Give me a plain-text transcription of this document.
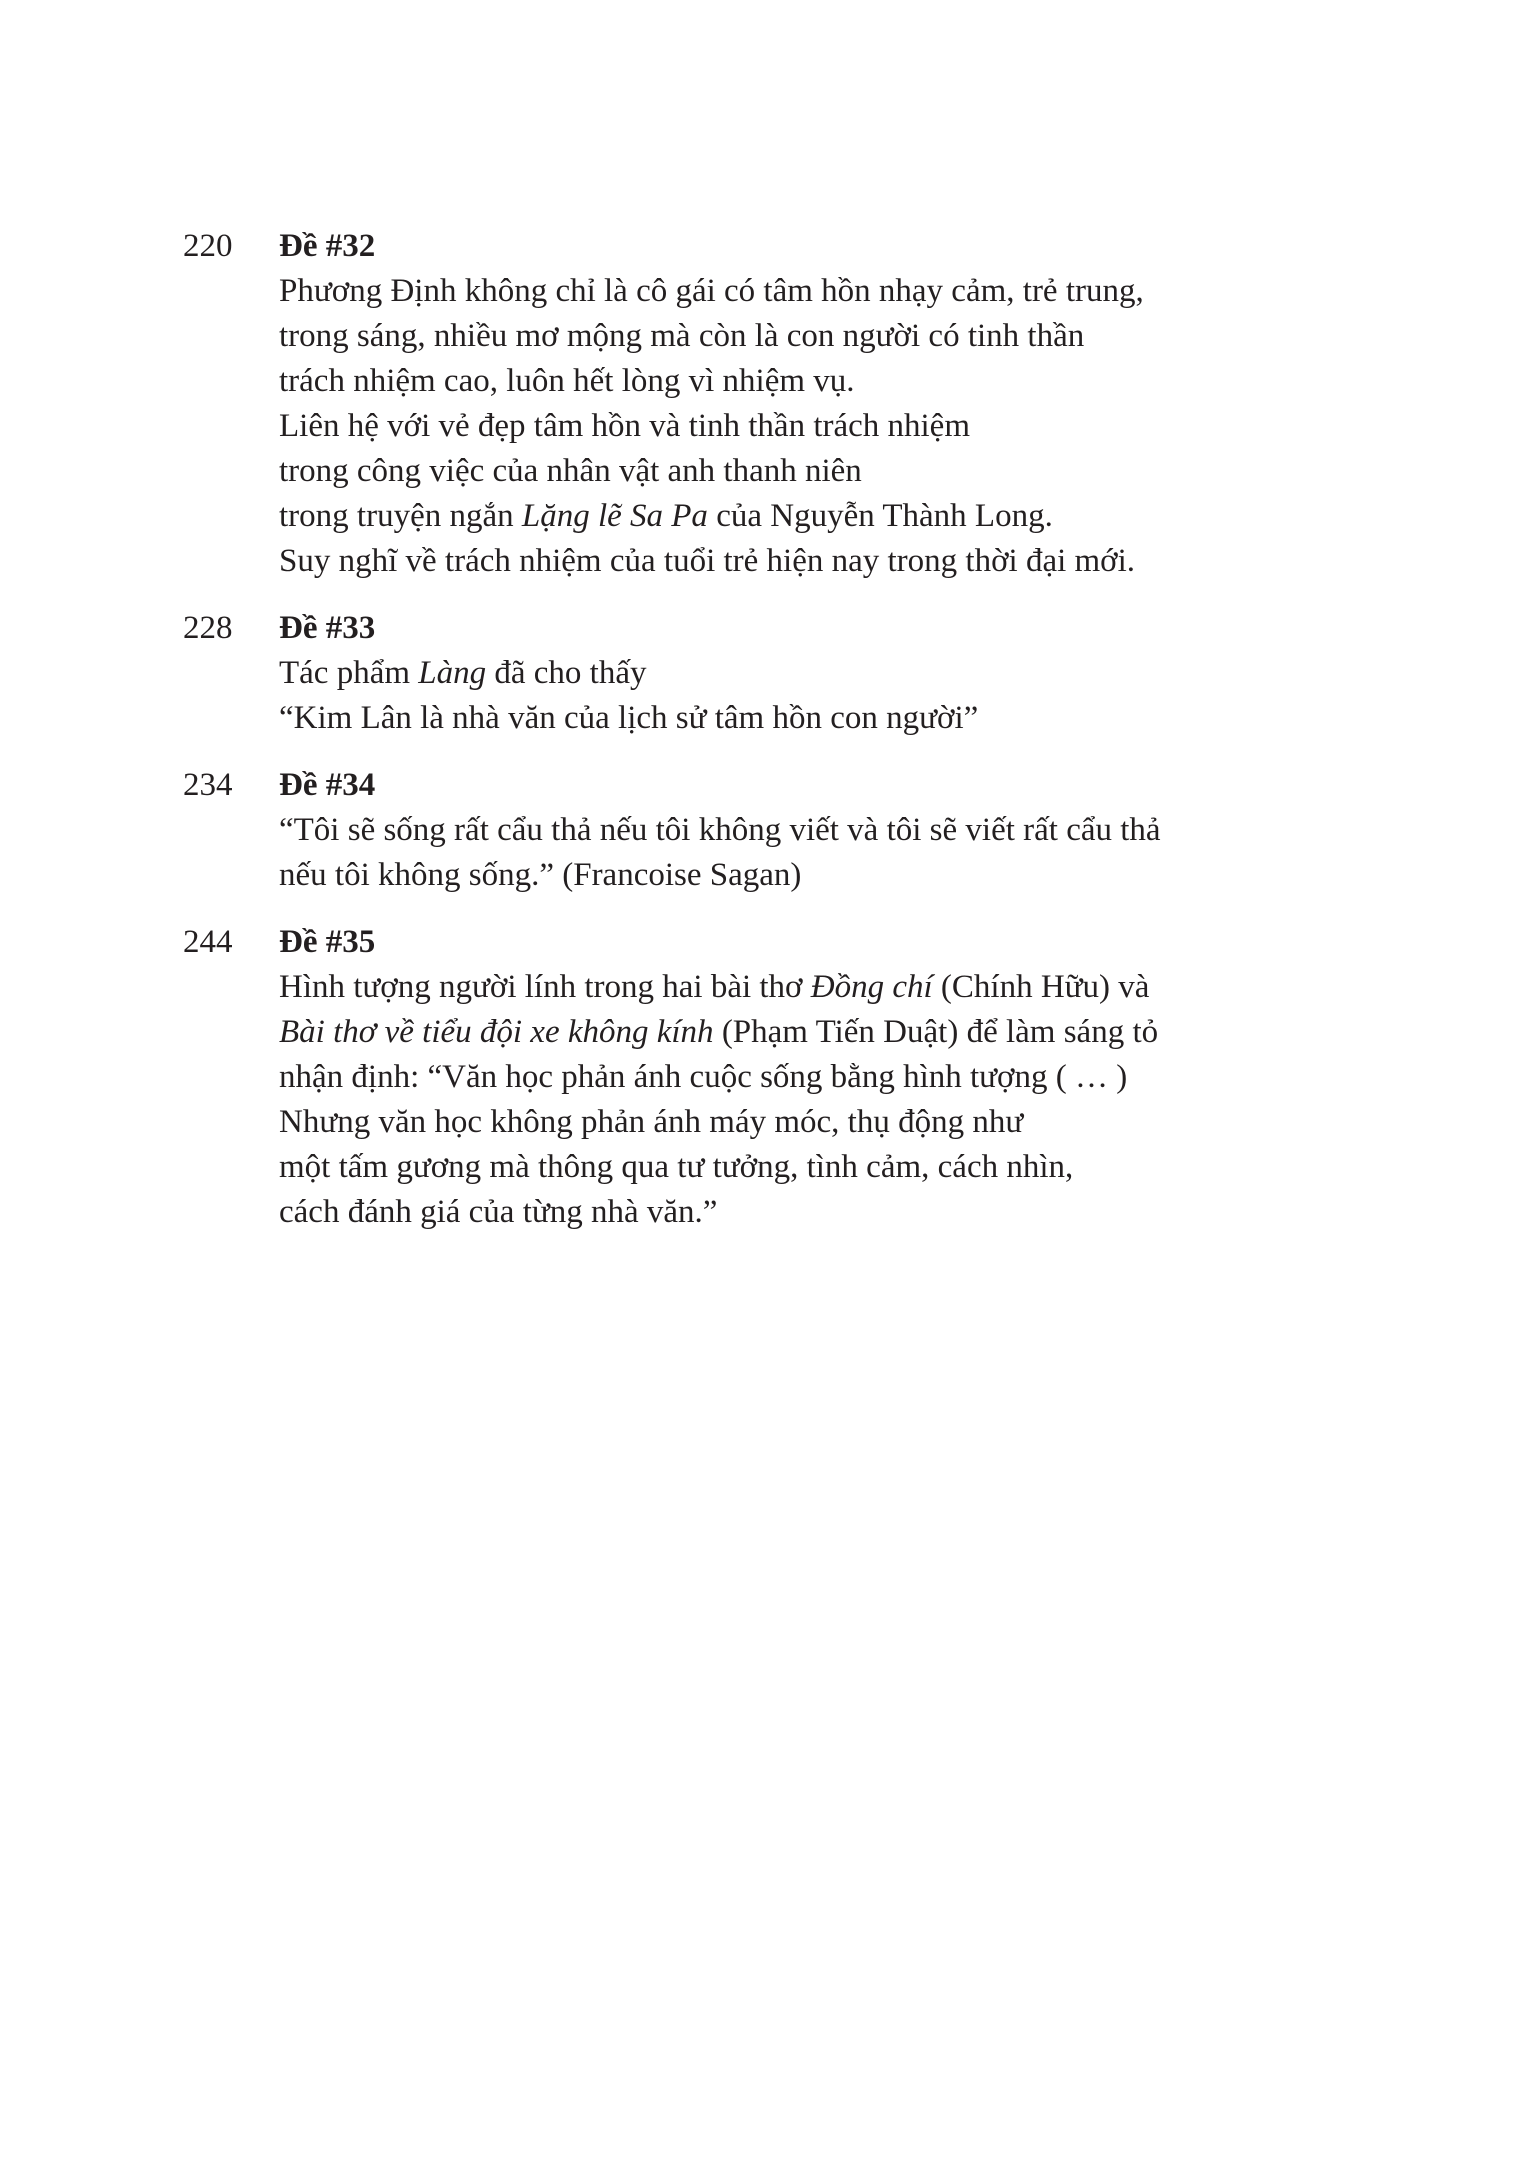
220	Đề #32
Phương Định không chỉ là cô gái có tâm hồn nhạy cảm, trẻ trung,
trong sáng, nhiều mơ mộng mà còn là con người có tinh thần
trách nhiệm cao, luôn hết lòng vì nhiệm vụ.
Liên hệ với vẻ đẹp tâm hồn và tinh thần trách nhiệm
trong công việc của nhân vật anh thanh niên
trong truyện ngắn Lặng lẽ Sa Pa của Nguyễn Thành Long.
Suy nghĩ về trách nhiệm của tuổi trẻ hiện nay trong thời đại mới.
228	Đề #33
Tác phẩm Làng đã cho thấy
“Kim Lân là nhà văn của lịch sử tâm hồn con người”
234	Đề #34
“Tôi sẽ sống rất cẩu thả nếu tôi không viết và tôi sẽ viết rất cẩu thả
nếu tôi không sống.” (Francoise Sagan)
244	Đề #35
Hình tượng người lính trong hai bài thơ Đồng chí (Chính Hữu) và
Bài thơ về tiểu đội xe không kính (Phạm Tiến Duật) để làm sáng tỏ
nhận định: “Văn học phản ánh cuộc sống bằng hình tượng ( … )
Nhưng văn học không phản ánh máy móc, thụ động như
một tấm gương mà thông qua tư tưởng, tình cảm, cách nhìn,
cách đánh giá của từng nhà văn.”
